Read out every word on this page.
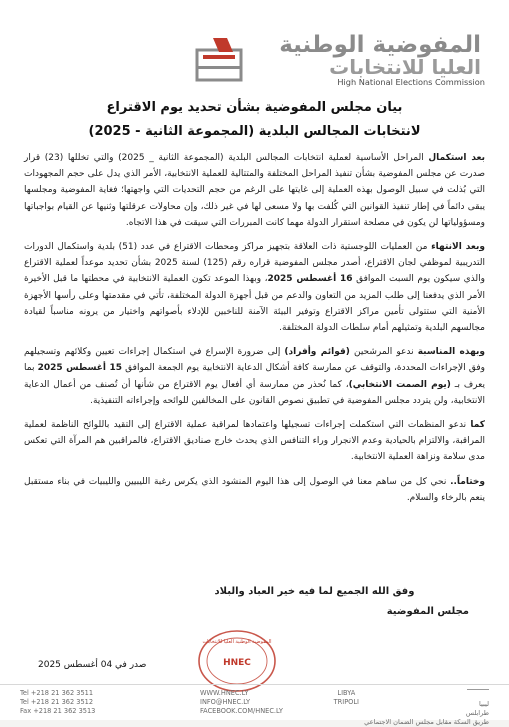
المفوضية الوطنية
العليا للانتخابات
High National Elections Commission
بيان مجلس المفوضية بشأن تحديد يوم الاقتراع
لانتخابات المجالس البلدية (المجموعة الثانية - 2025)

بعد استكمال المراحل الأساسية لعملية انتخابات المجالس البلدية (المجموعة الثانية _ 2025) والتي تخللها (23) قرار صدرت عن مجلس المفوضية بشأن تنفيذ المراحل المختلفة والمتتالية للعملية الانتخابية، الأمر الذي يدل على حجم المجهودات التي بُذلت في سبيل الوصول بهذه العملية إلى غايتها على الرغم من حجم التحديات التي واجهتها؛ فغاية المفوضية ومجلسها يبقى دائماً في إطار تنفيذ القوانين التي كُلفت بها ولا مسعى لها في غير ذلك، وإن محاولات عرقلتها وثنيها عن القيام بواجباتها ومسؤولياتها لن يكون في مصلحة استقرار الدولة مهما كانت المبررات التي سيقت في هذا الاتجاه.

وبعد الانتهاء من العمليات اللوجستية ذات العلاقة بتجهيز مراكز ومحطات الاقتراع في عدد (51) بلدية واستكمال الدورات التدريبية لموظفي لجان الاقتراع، أصدر مجلس المفوضية قراره رقم (125) لسنة 2025 بشأن تحديد موعداً لعملية الاقتراع والذي سيكون يوم السبت الموافق 16 أغسطس 2025، وبهذا الموعد تكون العملية الانتخابية في محطتها ما قبل الأخيرة الأمر الذي يدفعنا إلى طلب المزيد من التعاون والدعم من قبل أجهزة الدولة المختلفة، تأتي في مقدمتها وعلى رأسها الأجهزة الأمنية التي ستتولى تأمين مراكز الاقتراع وتوفير البيئة الآمنة للناخبين للإدلاء بأصواتهم واختيار من يرونه مناسباً لقيادة مجالسهم البلدية وتمثيلهم أمام سلطات الدولة المختلفة.

وبهذه المناسبة ندعو المرشحين (قوائم وأفراد) إلى ضرورة الإسراع في استكمال إجراءات تعيين وكلائهم وتسجيلهم وفق الإجراءات المحددة، والتوقف عن ممارسة كافة أشكال الدعاية الانتخابية يوم الجمعة الموافق 15 أغسطس 2025 بما يعرف بـ (يوم الصمت الانتخابي)، كما نُحذر من ممارسة أي أفعال يوم الاقتراع من شأنها أن تُصنف من أعمال الدعاية الانتخابية، ولن يتردد مجلس المفوضية في تطبيق نصوص القانون على المخالفين للوائحه وإجراءاته التنفيذية.

كما ندعو المنظمات التي استكملت إجراءات تسجيلها واعتمادها لمراقبة عملية الاقتراع إلى التقيد باللوائح الناظمة لعملية المراقبة، والالتزام بالحيادية وعدم الانجرار وراء التنافس الذي يحدث خارج صناديق الاقتراع، فالمراقبين هم المرآة التي تعكس مدى سلامة ونزاهة العملية الانتخابية.

وختاماً.. نحي كل من ساهم معنا في الوصول إلى هذا اليوم المنشود الذي يكرس رغبة الليبيين والليبيات في بناء مستقبل ينعم بالرخاء والسلام.

وفق الله الجميع لما فيه خير العباد والبلاد
مجلس المفوضية
المفوضية الوطنية العليا للانتخابات
HNEC
صدر في 04 أغسطس 2025
ليبيا
طرابلس
طريق السكة مقابل مجلس الضمان الاجتماعي
LIBYA
TRIPOLI
WWW.HNEC.LY
INFO@HNEC.LY
FACEBOOK.COM/HNEC.LY
Tel +218 21 362 3511
Tel +218 21 362 3512
Fax +218 21 362 3513
